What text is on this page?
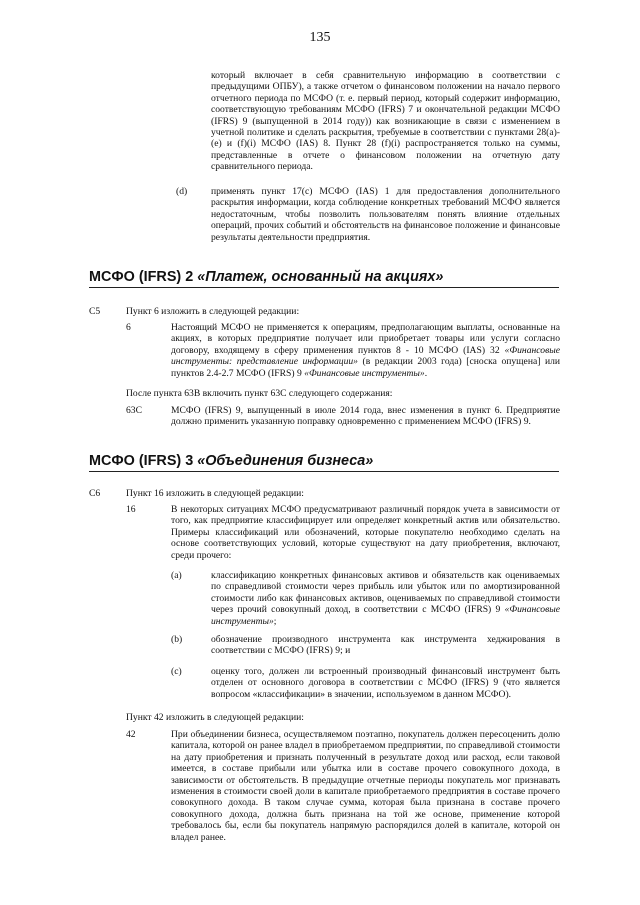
135

который включает в себя сравнительную информацию в соответствии с предыдущими ОПБУ), а также отчетом о финансовом положении на начало первого отчетного периода по МСФО (т. е. первый период, который содержит информацию, соответствующую требованиям МСФО (IFRS) 7 и окончательной редакции МСФО (IFRS) 9 (выпущенной в 2014 году)) как возникающие в связи с изменением в учетной политике и сделать раскрытия, требуемые в соответствии с пунктами 28(a)-(e) и (f)(i) МСФО (IAS) 8. Пункт 28 (f)(i) распространяется только на суммы, представленные в отчете о финансовом положении на отчетную дату сравнительного периода.

(d) применять пункт 17(c) МСФО (IAS) 1 для предоставления дополнительного раскрытия информации, когда соблюдение конкретных требований МСФО является недостаточным, чтобы позволить пользователям понять влияние отдельных операций, прочих событий и обстоятельств на финансовое положение и финансовые результаты деятельности предприятия.

МСФО (IFRS) 2 «Платеж, основанный на акциях»
C5	Пункт 6 изложить в следующей редакции:
6	Настоящий МСФО не применяется к операциям, предполагающим выплаты, основанные на акциях, в которых предприятие получает или приобретает товары или услуги согласно договору, входящему в сферу применения пунктов 8 - 10 МСФО (IAS) 32 «Финансовые инструменты: представление информации» (в редакции 2003 года) [сноска опущена] или пунктов 2.4-2.7 МСФО (IFRS) 9 «Финансовые инструменты».

После пункта 63B включить пункт 63C следующего содержания:
63C	МСФО (IFRS) 9, выпущенный в июле 2014 года, внес изменения в пункт 6. Предприятие должно применить указанную поправку одновременно с применением МСФО (IFRS) 9.

МСФО (IFRS) 3 «Объединения бизнеса»
C6	Пункт 16 изложить в следующей редакции:
16	В некоторых ситуациях МСФО предусматривают различный порядок учета в зависимости от того, как предприятие классифицирует или определяет конкретный актив или обязательство. Примеры классификаций или обозначений, которые покупателю необходимо сделать на основе соответствующих условий, которые существуют на дату приобретения, включают, среди прочего:

(a)	классификацию конкретных финансовых активов и обязательств как оцениваемых по справедливой стоимости через прибыль или убыток или по амортизированной стоимости либо как финансовых активов, оцениваемых по справедливой стоимости через прочий совокупный доход, в соответствии с МСФО (IFRS) 9 «Финансовые инструменты»;

(b)	обозначение производного инструмента как инструмента хеджирования в соответствии с МСФО (IFRS) 9; и

(c)	оценку того, должен ли встроенный производный финансовый инструмент быть отделен от основного договора в соответствии с МСФО (IFRS) 9 (что является вопросом «классификации» в значении, используемом в данном МСФО).

Пункт 42 изложить в следующей редакции:
42	При объединении бизнеса, осуществляемом поэтапно, покупатель должен пересоценить долю капитала, которой он ранее владел в приобретаемом предприятии, по справедливой стоимости на дату приобретения и признать полученный в результате доход или расход, если таковой имеется, в составе прибыли или убытка или в составе прочего совокупного дохода, в зависимости от обстоятельств. В предыдущие отчетные периоды покупатель мог признавать изменения в стоимости своей доли в капитале приобретаемого предприятия в составе прочего совокупного дохода. В таком случае сумма, которая была признана в составе прочего совокупного дохода, должна быть признана на той же основе, применение которой требовалось бы, если бы покупатель напрямую распорядился долей в капитале, которой он владел ранее.
